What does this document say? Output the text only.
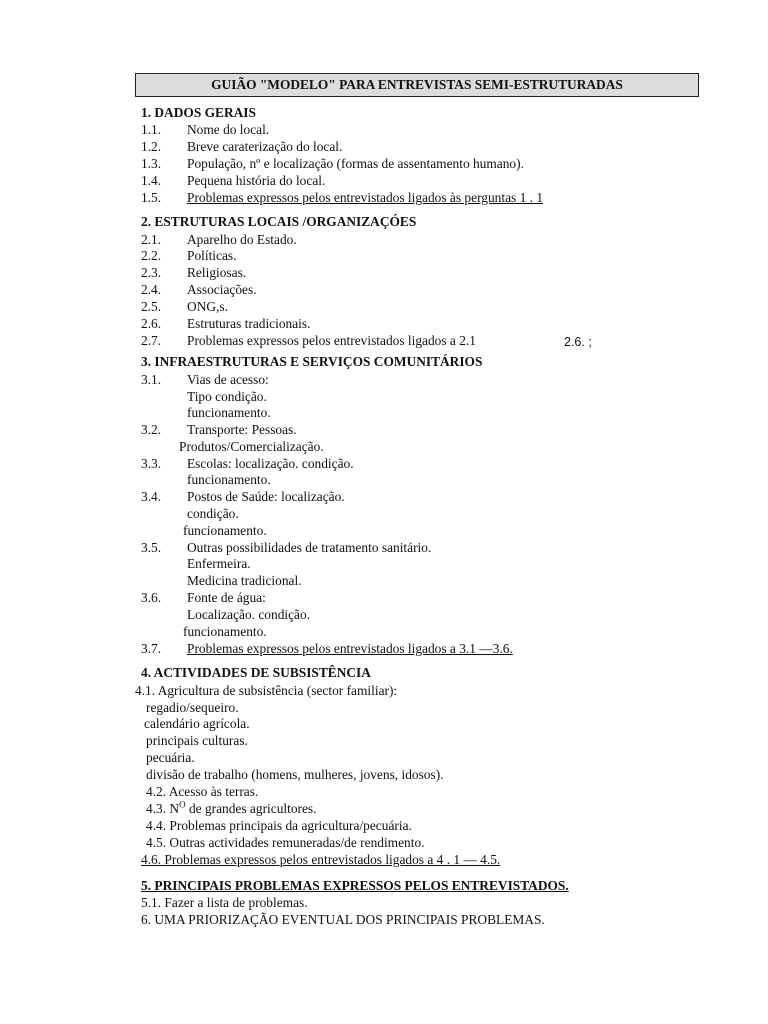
GUIÃO "MODELO" PARA ENTREVISTAS SEMI-ESTRUTURADAS
1. DADOS GERAIS
1.1. Nome do local.
1.2. Breve caraterização do local.
1.3. População, nº e localização (formas de assentamento humano).
1.4. Pequena história do local.
1.5. Problemas expressos pelos entrevistados ligados às perguntas 1 . 1
2. ESTRUTURAS LOCAIS /ORGANIZAÇÓES
2.1. Aparelho do Estado.
2.2. Políticas.
2.3. Religiosas.
2.4. Associações.
2.5. ONG,s.
2.6. Estruturas tradicionais.
2.7. Problemas expressos pelos entrevistados ligados a 2.1	2.6. ;
3. INFRAESTRUTURAS E SERVIÇOS COMUNITÁRIOS
3.1. Vias de acesso:
Tipo condição.
funcionamento.
3.2. Transporte: Pessoas.
Produtos/Comercialização.
3.3. Escolas: localização. condição.
funcionamento.
3.4. Postos de Saúde: localização.
condição.
funcionamento.
3.5. Outras possibilidades de tratamento sanitário.
Enfermeira.
Medicina tradicional.
3.6. Fonte de água:
Localização. condição.
funcionamento.
3.7. Problemas expressos pelos entrevistados ligados a 3.1 —3.6.
4. ACTIVIDADES DE SUBSISTÊNCIA
4.1. Agricultura de subsistência (sector familiar):
regadio/sequeiro.
calendário agrícola.
principais culturas.
pecuária.
divisão de trabalho (homens, mulheres, jovens, idosos).
4.2. Acesso às terras.
4.3. $N^O$ de grandes agricultores.
4.4. Problemas principais da agricultura/pecuária.
4.5. Outras actividades remuneradas/de rendimento.
4.6. Problemas expressos pelos entrevistados ligados a 4 . 1 — 4.5.
5. PRINCIPAIS PROBLEMAS EXPRESSOS PELOS ENTREVISTADOS.
5.1. Fazer a lista de problemas.
6. UMA PRIORIZAÇÃO EVENTUAL DOS PRINCIPAIS PROBLEMAS.
